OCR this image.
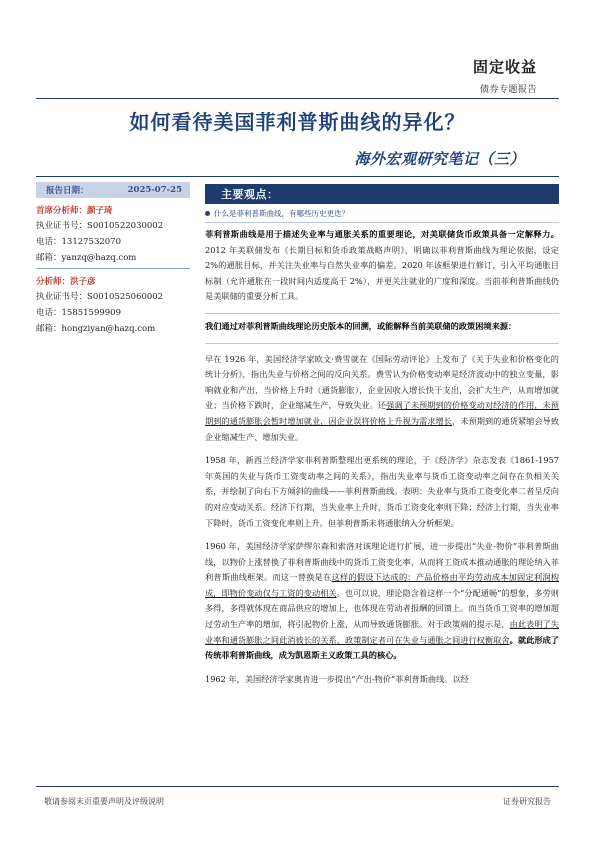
固定收益
债券专题报告
如何看待美国菲利普斯曲线的异化？
海外宏观研究笔记（三）
报告日期：	2025-07-25
首席分析师：颜子琦
执业证书号：S0010522030002
电话：13127532070
邮箱：yanzq@hazq.com
分析师：洪子彦
执业证书号：S0010525060002
电话：15851599909
邮箱：hongziyan@hazq.com
主要观点：
什么是菲利普斯曲线，有哪些历史更迭？

菲利普斯曲线是用于描述失业率与通胀关系的重要理论，对美联储货币政策具备一定解释力。2012 年美联储发布《长期目标和货币政策战略声明》，明确以菲利普斯曲线为理论依据，设定 2%的通胀目标，并关注失业率与自然失业率的偏差。2020 年该框架进行修订，引入平均通胀目标制（允许通胀在一段时间内适度高于 2%），并更关注就业的广度和深度。当前菲利普斯曲线仍是美联储的重要分析工具。

我们通过对菲利普斯曲线理论历史版本的回溯，或能解释当前美联储的政策困境来源：

早在 1926 年，美国经济学家欧文·费雪就在《国际劳动评论》上发布了《关于失业和价格变化的统计分析》，指出失业与价格之间的反向关系。费雪认为价格变动率是经济波动中的独立变量，影响就业和产出，当价格上升时（通货膨胀），企业因收入增长快于支出，会扩大生产，从而增加就业；当价格下跌时，企业缩减生产，导致失业。还强调了未预期到的价格变动对经济的作用，未预期到的通货膨胀会暂时增加就业，因企业误将价格上升视为需求增长，未预期到的通货紧缩会导致企业缩减生产、增加失业。

1958 年，新西兰经济学家菲利普斯整理出更系统的理论，于《经济学》杂志发表《1861-1957 年英国的失业与货币工资变动率之间的关系》，指出失业率与货币工资变动率之间存在负相关关系，并绘制了向右下方倾斜的曲线——菲利普斯曲线。表明：失业率与货币工资变化率二者呈反向的对应变动关系。经济下行期，当失业率上升时，货币工资变化率则下降；经济上行期，当失业率下降时，货币工资变化率则上升。但菲利普斯未将通胀纳入分析框架。

1960 年，美国经济学家萨缪尔森和索洛对该理论进行扩展，进一步提出“失业-物价”菲利普斯曲线，以物价上涨替换了菲利普斯曲线中的货币工资变化率，从而将工资成本推动通胀的理论纳入菲利普斯曲线框架。而这一替换是在这样的假设下达成的：产品价格由平均劳动成本加固定利润构成，即物价变动仅与工资的变动相关。也可以说，理论隐含着这样一个“分配通畅”的想象，多劳则多得，多得就体现在商品供应的增加上，也体现在劳动者报酬的回馈上。而当货币工资率的增加超过劳动生产率的增加，将引起物价上涨，从而导致通货膨胀。对于政策端的提示是，由此表明了失业率和通货膨胀之间此消彼长的关系，政策制定者可在失业与通胀之间进行权衡取舍。就此形成了传统菲利普斯曲线，成为凯恩斯主义政策工具的核心。

1962 年，美国经济学家奥肯进一步提出“产出-物价”菲利普斯曲线。以经

敬请参阅末页重要声明及评级说明	证券研究报告
